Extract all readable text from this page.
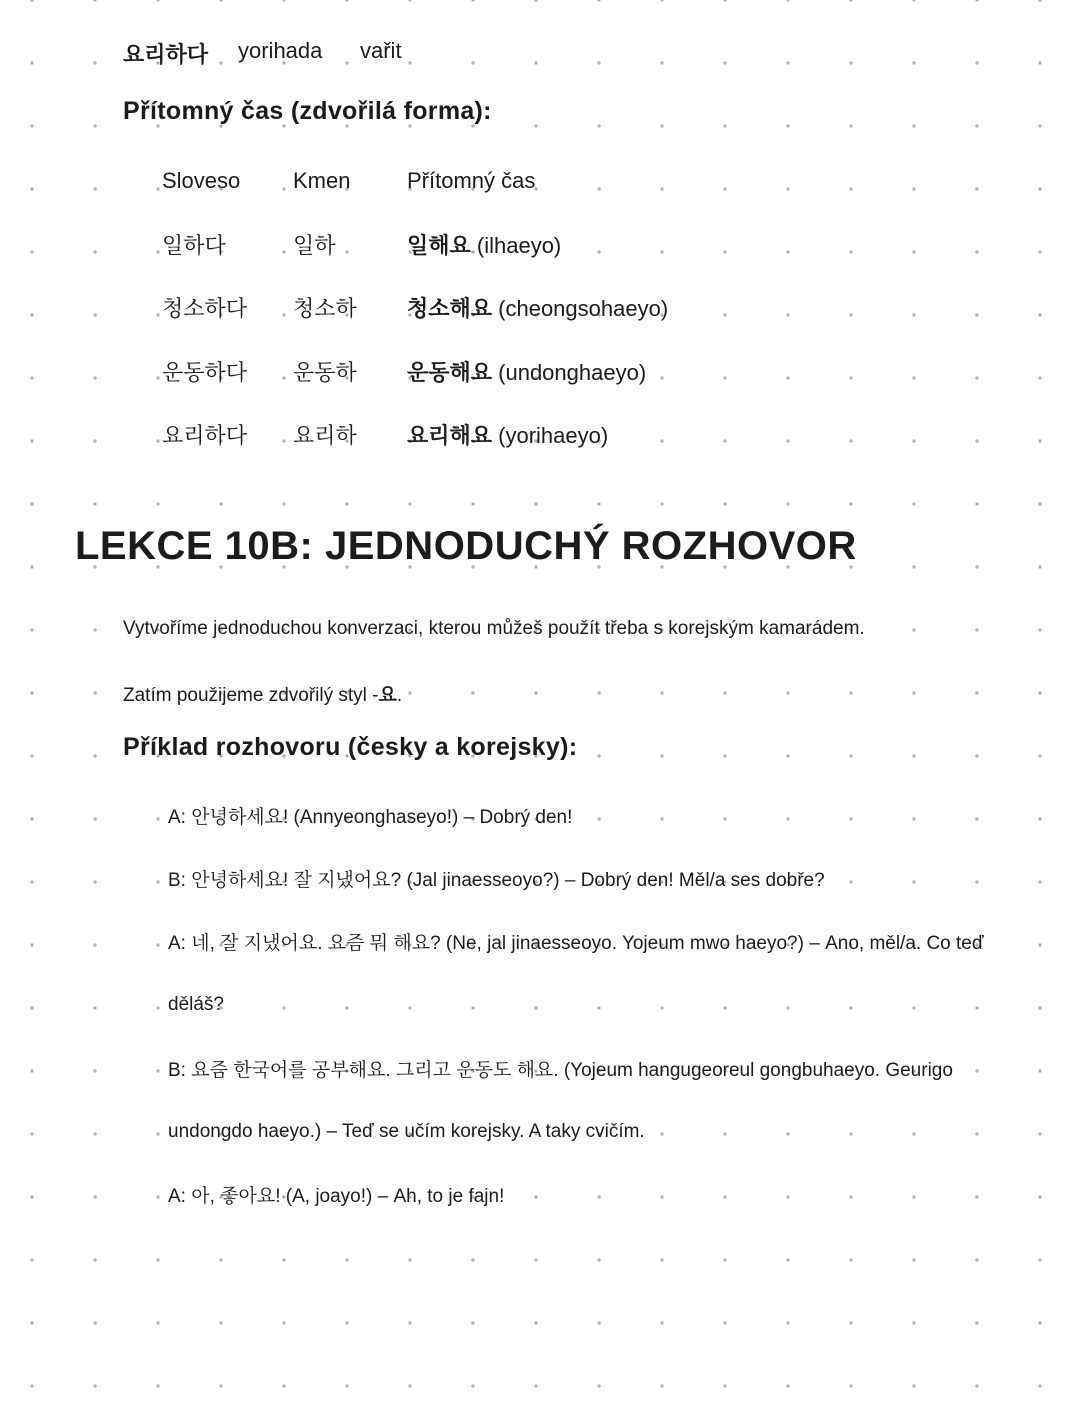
요리하다	yorihada	vařit
Přítomný čas (zdvořilá forma):
Sloveso	Kmen	Přítomný čas
일하다	일하	일해요 (ilhaeyo)
청소하다	청소하	청소해요 (cheongsohaeyo)
운동하다	운동하	운동해요 (undonghaeyo)
요리하다	요리하	요리해요 (yorihaeyo)
LEKCE 10B: JEDNODUCHÝ ROZHOVOR

Vytvoříme jednoduchou konverzaci, kterou můžeš použít třeba s korejským kamarádem.

Zatím použijeme zdvořilý styl -요.

Příklad rozhovoru (česky a korejsky):
A: 안녕하세요! (Annyeonghaseyo!) – Dobrý den!
B: 안녕하세요! 잘 지냈어요? (Jal jinaesseoyo?) – Dobrý den! Měl/a ses dobře?
A: 네, 잘 지냈어요. 요즘 뭐 해요? (Ne, jal jinaesseoyo. Yojeum mwo haeyo?) – Ano, měl/a. Co teď
děláš?
B: 요즘 한국어를 공부해요. 그리고 운동도 해요. (Yojeum hangugeoreul gongbuhaeyo. Geurigo
undongdo haeyo.) – Teď se učím korejsky. A taky cvičím.
A: 아, 좋아요! (A, joayo!) – Ah, to je fajn!
